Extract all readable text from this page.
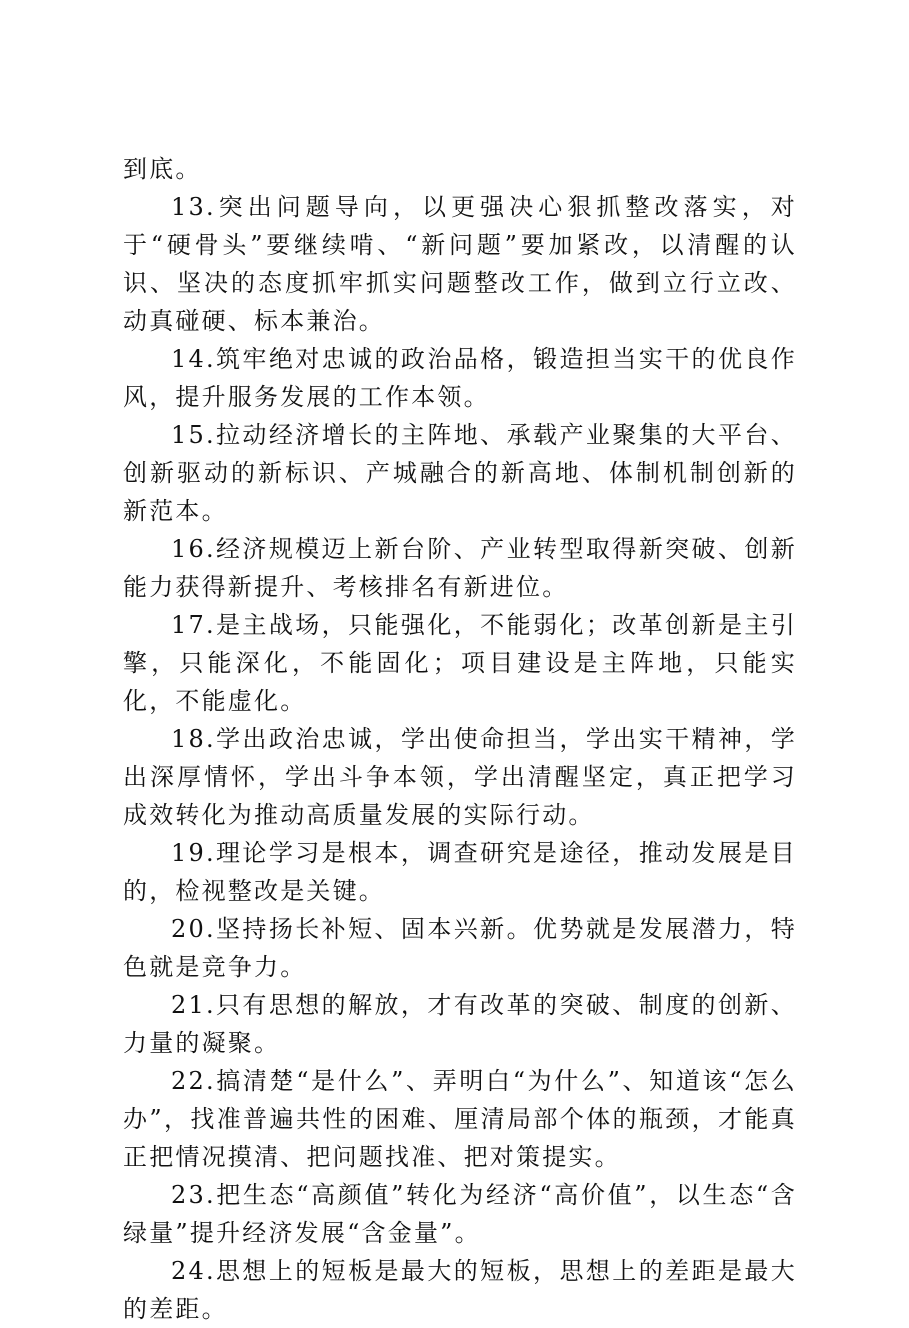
到底。

13.突出问题导向，以更强决心狠抓整改落实，对于“硬骨头”要继续啃、“新问题”要加紧改，以清醒的认识、坚决的态度抓牢抓实问题整改工作，做到立行立改、动真碰硬、标本兼治。

14.筑牢绝对忠诚的政治品格，锻造担当实干的优良作风，提升服务发展的工作本领。

15.拉动经济增长的主阵地、承载产业聚集的大平台、创新驱动的新标识、产城融合的新高地、体制机制创新的新范本。

16.经济规模迈上新台阶、产业转型取得新突破、创新能力获得新提升、考核排名有新进位。

17.是主战场，只能强化，不能弱化；改革创新是主引擎，只能深化，不能固化；项目建设是主阵地，只能实化，不能虚化。

18.学出政治忠诚，学出使命担当，学出实干精神，学出深厚情怀，学出斗争本领，学出清醒坚定，真正把学习成效转化为推动高质量发展的实际行动。

19.理论学习是根本，调查研究是途径，推动发展是目的，检视整改是关键。

20.坚持扬长补短、固本兴新。优势就是发展潜力，特色就是竞争力。

21.只有思想的解放，才有改革的突破、制度的创新、力量的凝聚。

22.搞清楚“是什么”、弄明白“为什么”、知道该“怎么办”，找准普遍共性的困难、厘清局部个体的瓶颈，才能真正把情况摸清、把问题找准、把对策提实。

23.把生态“高颜值”转化为经济“高价值”，以生态“含绿量”提升经济发展“含金量”。

24.思想上的短板是最大的短板，思想上的差距是最大的差距。
